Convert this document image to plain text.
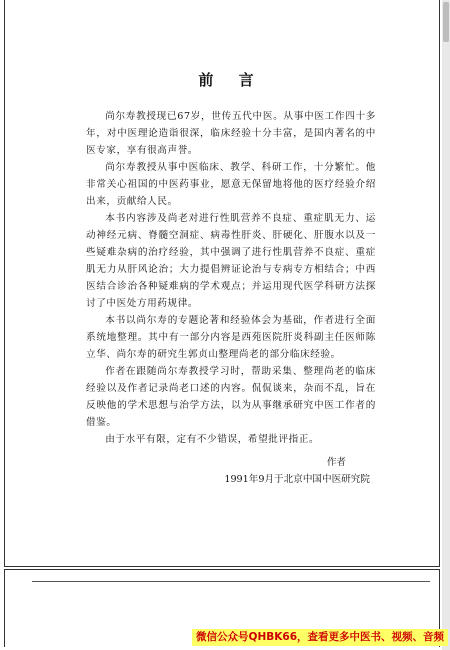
前 言

尚尔寿教授现已67岁，世传五代中医。从事中医工作四十多年，对中医理论造诣很深，临床经验十分丰富，是国内著名的中医专家，享有很高声誉。

尚尔寿教授从事中医临床、教学、科研工作，十分繁忙。他非常关心祖国的中医药事业，愿意无保留地将他的医疗经验介绍出来，贡献给人民。

本书内容涉及尚老对进行性肌营养不良症、重症肌无力、运动神经元病、脊髓空洞症、病毒性肝炎、肝硬化、肝腹水以及一些疑难杂病的治疗经验，其中强调了进行性肌营养不良症、重症肌无力从肝风论治；大力提倡辨证论治与专病专方相结合；中西医结合诊治各种疑难病的学术观点；并运用现代医学科研方法探讨了中医处方用药规律。

本书以尚尔寿的专题论著和经验体会为基础，作者进行全面系统地整理。其中有一部分内容是西苑医院肝炎科副主任医师陈立华、尚尔寿的研究生郭贞山整理尚老的部分临床经验。

作者在跟随尚尔寿教授学习时，帮助采集、整理尚老的临床经验以及作者记录尚老口述的内容。侃侃谈来，杂而不乱，旨在反映他的学术思想与治学方法，以为从事继承研究中医工作者的借鉴。

由于水平有限，定有不少错误，希望批评指正。

作者
1991年9月于北京中国中医研究院
微信公众号QHBK66，查看更多中医书、视频、音频
